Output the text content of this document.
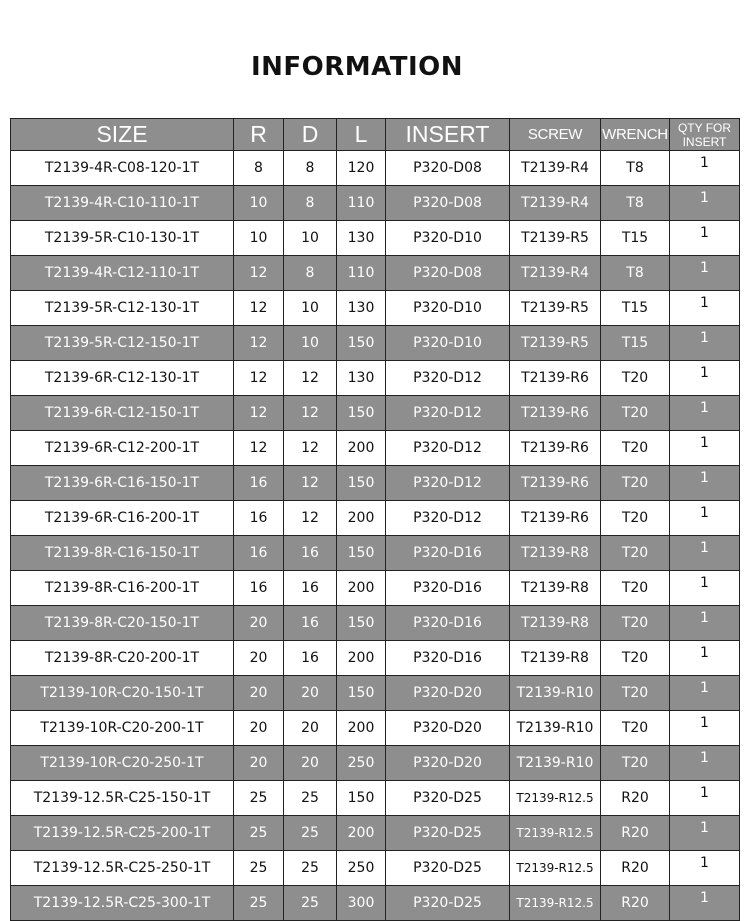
INFORMATION
SIZE	R	D	L	INSERT	SCREW	WRENCH	QTY FOR INSERT
T2139-4R-C08-120-1T	8	8	120	P320-D08	T2139-R4	T8	1
T2139-4R-C10-110-1T	10	8	110	P320-D08	T2139-R4	T8	1
T2139-5R-C10-130-1T	10	10	130	P320-D10	T2139-R5	T15	1
T2139-4R-C12-110-1T	12	8	110	P320-D08	T2139-R4	T8	1
T2139-5R-C12-130-1T	12	10	130	P320-D10	T2139-R5	T15	1
T2139-5R-C12-150-1T	12	10	150	P320-D10	T2139-R5	T15	1
T2139-6R-C12-130-1T	12	12	130	P320-D12	T2139-R6	T20	1
T2139-6R-C12-150-1T	12	12	150	P320-D12	T2139-R6	T20	1
T2139-6R-C12-200-1T	12	12	200	P320-D12	T2139-R6	T20	1
T2139-6R-C16-150-1T	16	12	150	P320-D12	T2139-R6	T20	1
T2139-6R-C16-200-1T	16	12	200	P320-D12	T2139-R6	T20	1
T2139-8R-C16-150-1T	16	16	150	P320-D16	T2139-R8	T20	1
T2139-8R-C16-200-1T	16	16	200	P320-D16	T2139-R8	T20	1
T2139-8R-C20-150-1T	20	16	150	P320-D16	T2139-R8	T20	1
T2139-8R-C20-200-1T	20	16	200	P320-D16	T2139-R8	T20	1
T2139-10R-C20-150-1T	20	20	150	P320-D20	T2139-R10	T20	1
T2139-10R-C20-200-1T	20	20	200	P320-D20	T2139-R10	T20	1
T2139-10R-C20-250-1T	20	20	250	P320-D20	T2139-R10	T20	1
T2139-12.5R-C25-150-1T	25	25	150	P320-D25	T2139-R12.5	R20	1
T2139-12.5R-C25-200-1T	25	25	200	P320-D25	T2139-R12.5	R20	1
T2139-12.5R-C25-250-1T	25	25	250	P320-D25	T2139-R12.5	R20	1
T2139-12.5R-C25-300-1T	25	25	300	P320-D25	T2139-R12.5	R20	1
